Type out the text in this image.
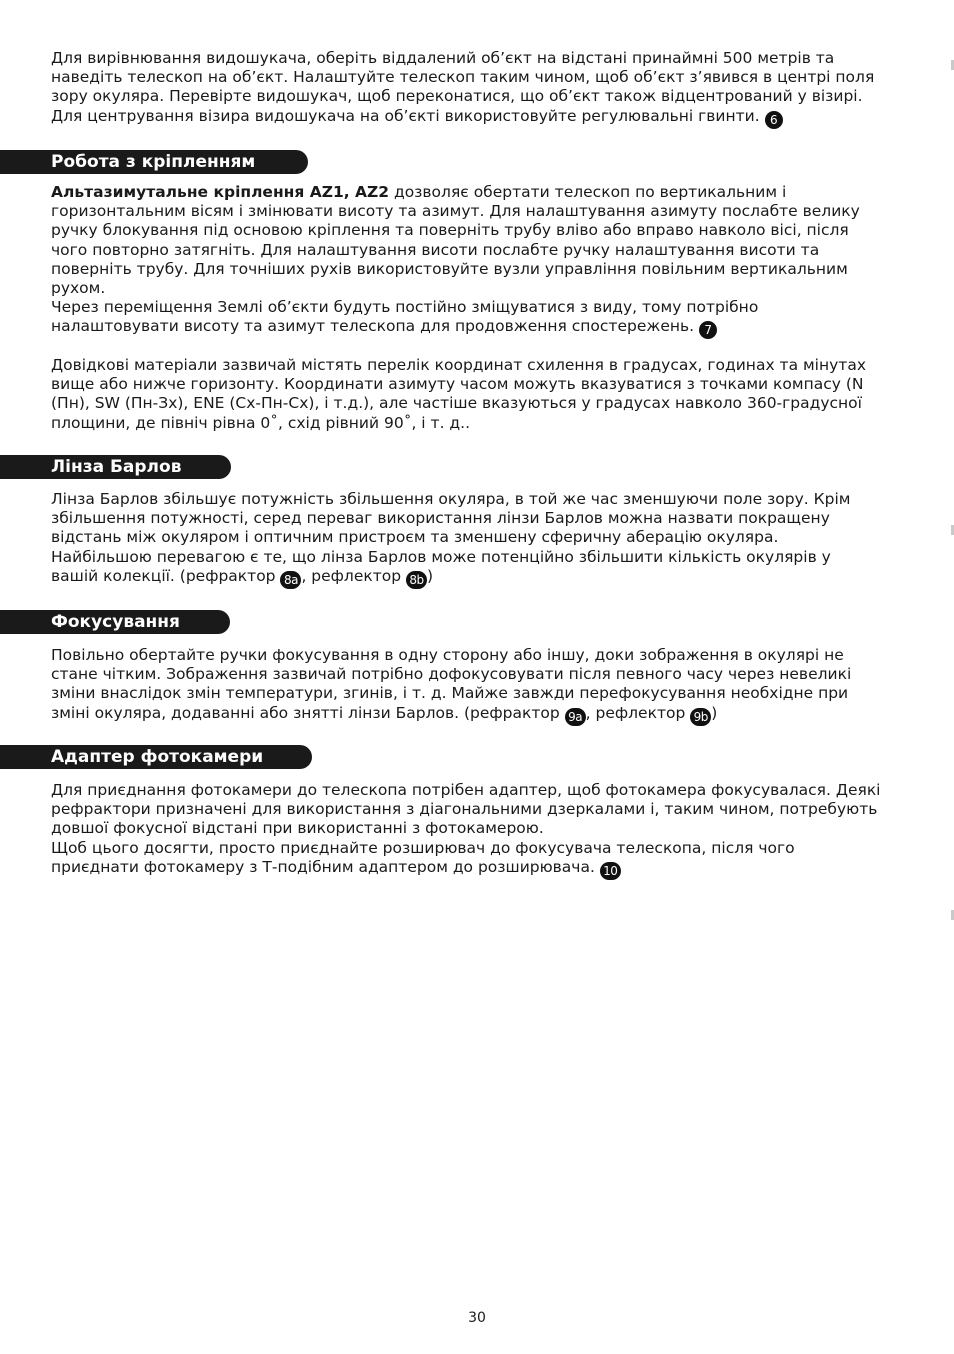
Для вирівнювання видошукача, оберіть віддалений об’єкт на відстані принаймні 500 метрів та
наведіть телескоп на об’єкт. Налаштуйте телескоп таким чином, щоб об’єкт з’явився в центрі поля
зору окуляра. Перевірте видошукач, щоб переконатися, що об’єкт також відцентрований у візирі.
Для центрування візира видошукача на об’єкті використовуйте регулювальні гвинти. 6
Робота з кріпленням
Альтазимутальне кріплення AZ1, AZ2 дозволяє обертати телескоп по вертикальним і
горизонтальним вісям і змінювати висоту та азимут. Для налаштування азимуту послабте велику
ручку блокування під основою кріплення та поверніть трубу вліво або вправо навколо вісі, після
чого повторно затягніть. Для налаштування висоти послабте ручку налаштування висоти та
поверніть трубу. Для точніших рухів використовуйте вузли управління повільним вертикальним
рухом.
Через переміщення Землі об’єкти будуть постійно зміщуватися з виду, тому потрібно
налаштовувати висоту та азимут телескопа для продовження спостережень. 7
Довідкові матеріали зазвичай містять перелік координат схилення в градусах, годинах та мінутах
вище або нижче горизонту. Координати азимуту часом можуть вказуватися з точками компасу (N
(Пн), SW (Пн-Зх), ENE (Сх-Пн-Сх), і т.д.), але частіше вказуються у градусах навколо 360-градусної
площини, де північ рівна 0˚, схід рівний 90˚, і т. д..
Лінза Барлов
Лінза Барлов збільшує потужність збільшення окуляра, в той же час зменшуючи поле зору. Крім
збільшення потужності, серед переваг використання лінзи Барлов можна назвати покращену
відстань між окуляром і оптичним пристроєм та зменшену сферичну аберацію окуляра.
Найбільшою перевагою є те, що лінза Барлов може потенційно збільшити кількість окулярів у
вашій колекції. (рефрактор 8a , рефлектор 8b )
Фокусування
Повільно обертайте ручки фокусування в одну сторону або іншу, доки зображення в окулярі не
стане чітким. Зображення зазвичай потрібно дофокусовувати після певного часу через невеликі
зміни внаслідок змін температури, згинів, і т. д. Майже завжди перефокусування необхідне при
зміні окуляра, додаванні або знятті лінзи Барлов. (рефрактор 9a , рефлектор 9b )
Адаптер фотокамери
Для приєднання фотокамери до телескопа потрібен адаптер, щоб фотокамера фокусувалася. Деякі
рефрактори призначені для використання з діагональними дзеркалами і, таким чином, потребують
довшої фокусної відстані при використанні з фотокамерою.
Щоб цього досягти, просто приєднайте розширювач до фокусувача телескопа, після чого
приєднати фотокамеру з Т-подібним адаптером до розширювача. 10
30
